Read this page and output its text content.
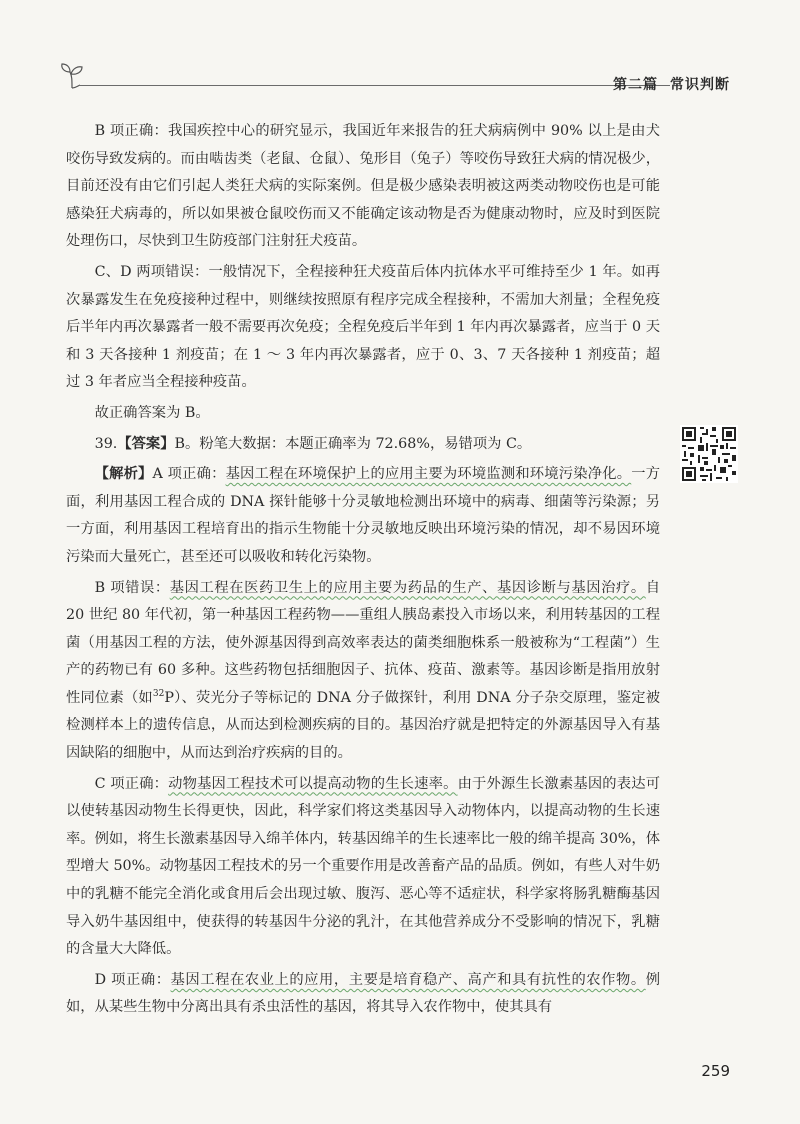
第二篇 常识判断

B 项正确：我国疾控中心的研究显示，我国近年来报告的狂犬病病例中 90% 以上是由犬咬伤导致发病的。而由啮齿类（老鼠、仓鼠）、兔形目（兔子）等咬伤导致狂犬病的情况极少，目前还没有由它们引起人类狂犬病的实际案例。但是极少感染表明被这两类动物咬伤也是可能感染狂犬病毒的，所以如果被仓鼠咬伤而又不能确定该动物是否为健康动物时，应及时到医院处理伤口，尽快到卫生防疫部门注射狂犬疫苗。

C、D 两项错误：一般情况下，全程接种狂犬疫苗后体内抗体水平可维持至少 1 年。如再次暴露发生在免疫接种过程中，则继续按照原有程序完成全程接种，不需加大剂量；全程免疫后半年内再次暴露者一般不需要再次免疫；全程免疫后半年到 1 年内再次暴露者，应当于 0 天和 3 天各接种 1 剂疫苗；在 1 ～ 3 年内再次暴露者，应于 0、3、7 天各接种 1 剂疫苗；超过 3 年者应当全程接种疫苗。

故正确答案为 B。

39.【答案】B。粉笔大数据：本题正确率为 72.68%，易错项为 C。

【解析】A 项正确：基因工程在环境保护上的应用主要为环境监测和环境污染净化。一方面，利用基因工程合成的 DNA 探针能够十分灵敏地检测出环境中的病毒、细菌等污染源；另一方面，利用基因工程培育出的指示生物能十分灵敏地反映出环境污染的情况，却不易因环境污染而大量死亡，甚至还可以吸收和转化污染物。

B 项错误：基因工程在医药卫生上的应用主要为药品的生产、基因诊断与基因治疗。自 20 世纪 80 年代初，第一种基因工程药物——重组人胰岛素投入市场以来，利用转基因的工程菌（用基因工程的方法，使外源基因得到高效率表达的菌类细胞株系一般被称为“工程菌”）生产的药物已有 60 多种。这些药物包括细胞因子、抗体、疫苗、激素等。基因诊断是指用放射性同位素（如$^{32}$P）、荧光分子等标记的 DNA 分子做探针，利用 DNA 分子杂交原理，鉴定被检测样本上的遗传信息，从而达到检测疾病的目的。基因治疗就是把特定的外源基因导入有基因缺陷的细胞中，从而达到治疗疾病的目的。

C 项正确：动物基因工程技术可以提高动物的生长速率。由于外源生长激素基因的表达可以使转基因动物生长得更快，因此，科学家们将这类基因导入动物体内，以提高动物的生长速率。例如，将生长激素基因导入绵羊体内，转基因绵羊的生长速率比一般的绵羊提高 30%，体型增大 50%。动物基因工程技术的另一个重要作用是改善畜产品的品质。例如，有些人对牛奶中的乳糖不能完全消化或食用后会出现过敏、腹泻、恶心等不适症状，科学家将肠乳糖酶基因导入奶牛基因组中，使获得的转基因牛分泌的乳汁，在其他营养成分不受影响的情况下，乳糖的含量大大降低。

D 项正确：基因工程在农业上的应用，主要是培育稳产、高产和具有抗性的农作物。例如，从某些生物中分离出具有杀虫活性的基因，将其导入农作物中，使其具有

259
